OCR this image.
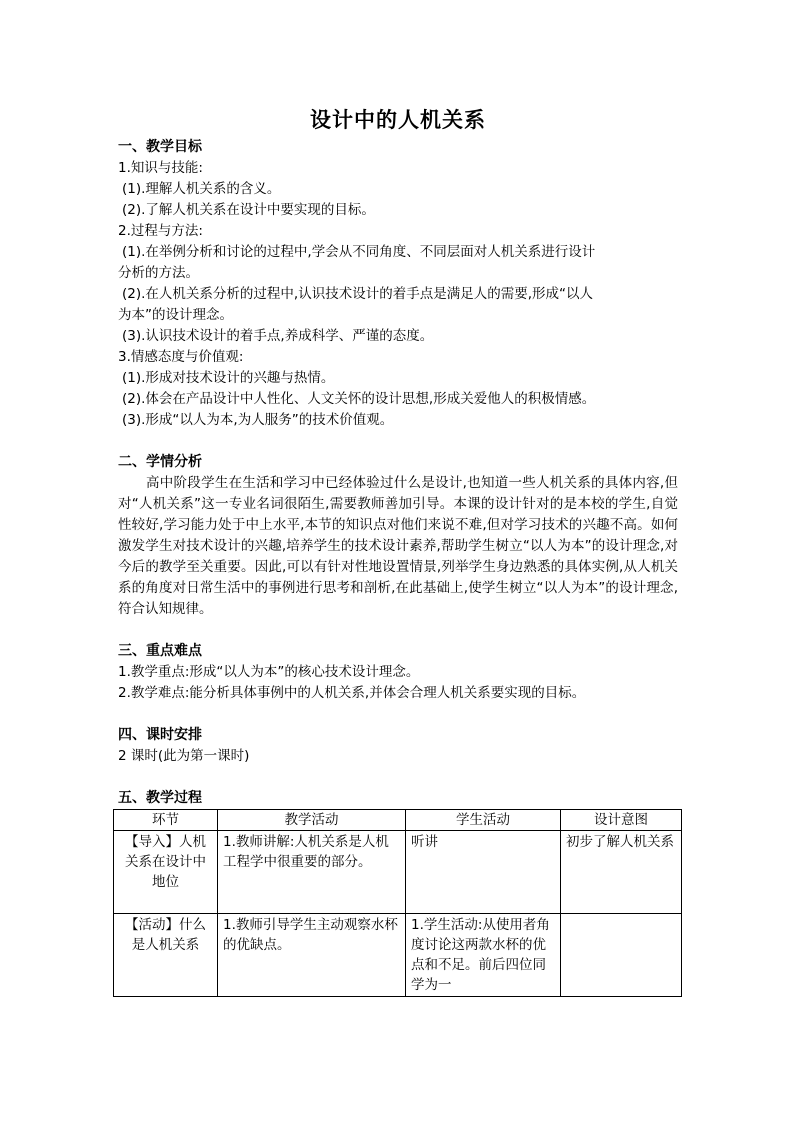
设计中的人机关系
一、教学目标
1.知识与技能:
(1).理解人机关系的含义。
(2).了解人机关系在设计中要实现的目标。
2.过程与方法:
(1).在举例分析和讨论的过程中,学会从不同角度、不同层面对人机关系进行设计
分析的方法。
(2).在人机关系分析的过程中,认识技术设计的着手点是满足人的需要,形成“以人
为本”的设计理念。
(3).认识技术设计的着手点,养成科学、严谨的态度。
3.情感态度与价值观:
(1).形成对技术设计的兴趣与热情。
(2).体会在产品设计中人性化、人文关怀的设计思想,形成关爱他人的积极情感。
(3).形成“以人为本,为人服务”的技术价值观。
二、学情分析
高中阶段学生在生活和学习中已经体验过什么是设计,也知道一些人机关系的具体内容,但对“人机关系”这一专业名词很陌生,需要教师善加引导。本课的设计针对的是本校的学生,自觉性较好,学习能力处于中上水平,本节的知识点对他们来说不难,但对学习技术的兴趣不高。如何激发学生对技术设计的兴趣,培养学生的技术设计素养,帮助学生树立“以人为本”的设计理念,对今后的教学至关重要。因此,可以有针对性地设置情景,列举学生身边熟悉的具体实例,从人机关系的角度对日常生活中的事例进行思考和剖析,在此基础上,使学生树立“以人为本”的设计理念,符合认知规律。
三、重点难点
1.教学重点:形成“以人为本”的核心技术设计理念。
2.教学难点:能分析具体事例中的人机关系,并体会合理人机关系要实现的目标。
四、课时安排
2 课时(此为第一课时)
五、教学过程
环节	教学活动	学生活动	设计意图
【导入】人机关系在设计中地位	1.教师讲解:人机关系是人机工程学中很重要的部分。	听讲	初步了解人机关系
【活动】什么是人机关系	1.教师引导学生主动观察水杯的优缺点。	1.学生活动:从使用者角度讨论这两款水杯的优点和不足。前后四位同学为一	
